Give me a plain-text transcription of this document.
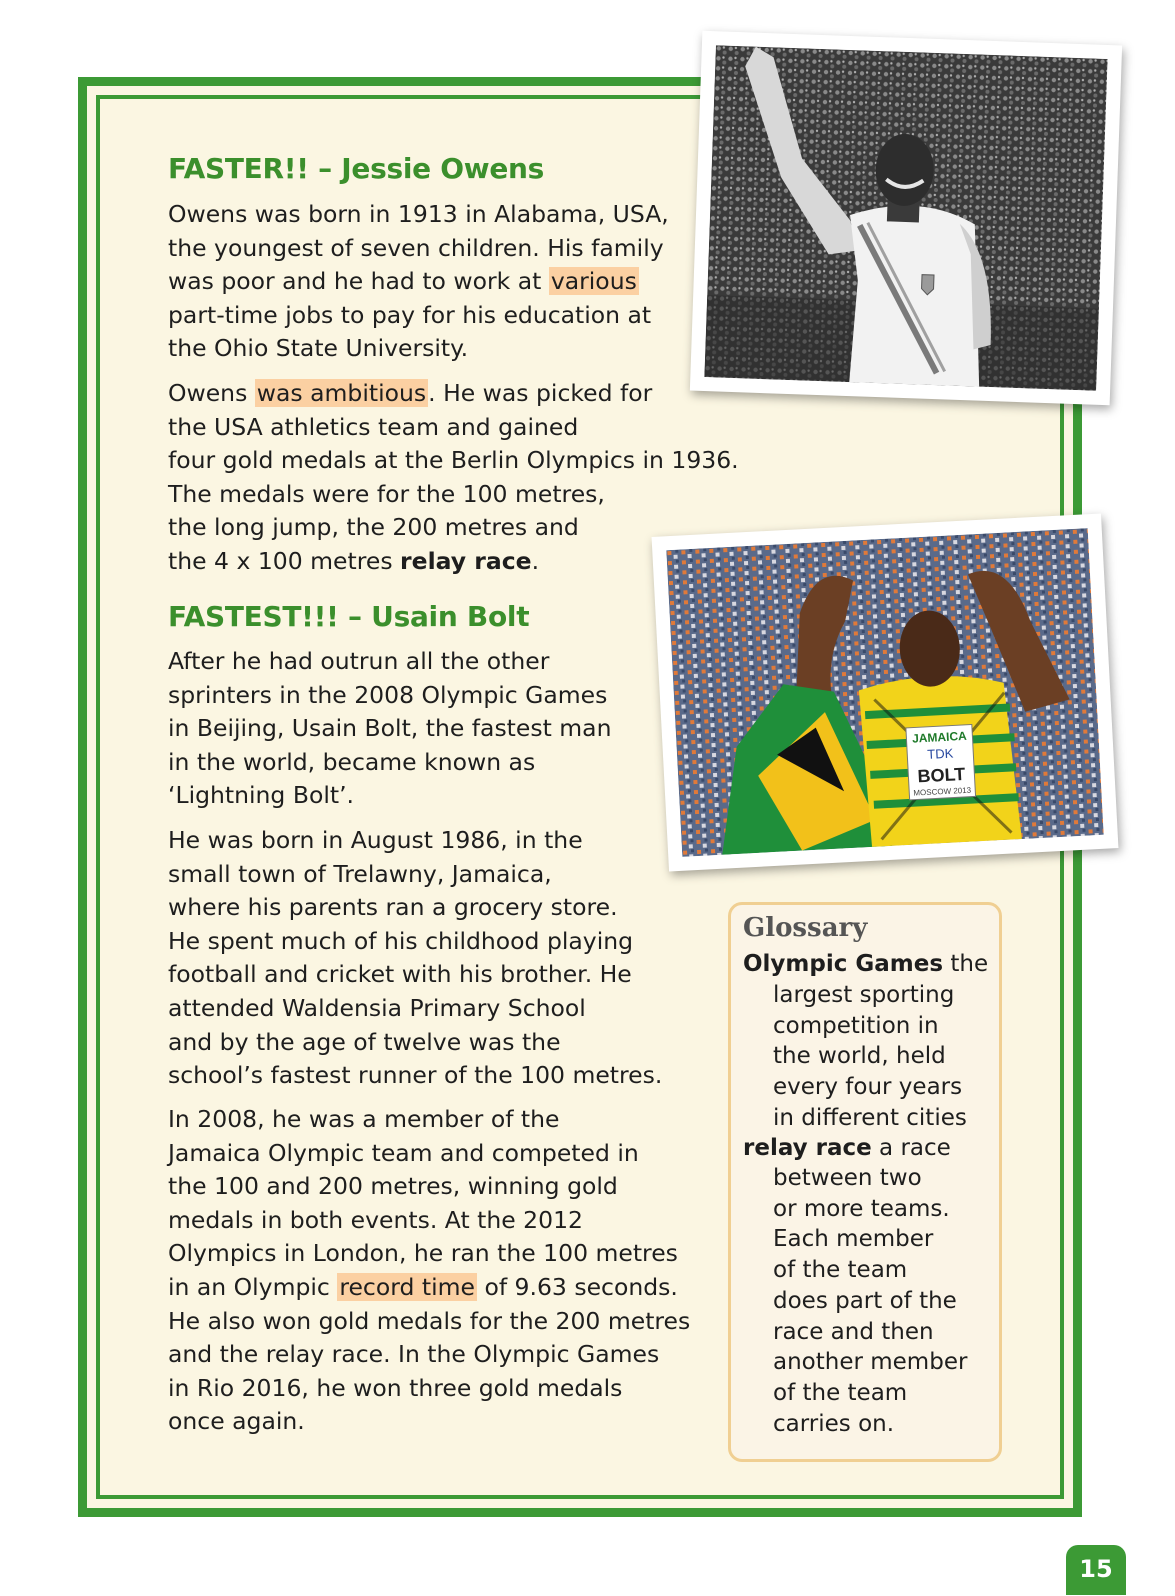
FASTER!! – Jessie Owens
Owens was born in 1913 in Alabama, USA,
the youngest of seven children. His family
was poor and he had to work at various
part-time jobs to pay for his education at
the Ohio State University.
Owens was ambitious. He was picked for
the USA athletics team and gained
four gold medals at the Berlin Olympics in 1936.
The medals were for the 100 metres,
the long jump, the 200 metres and
the 4 x 100 metres relay race.
FASTEST!!! – Usain Bolt
After he had outrun all the other
sprinters in the 2008 Olympic Games
in Beijing, Usain Bolt, the fastest man
in the world, became known as
‘Lightning Bolt’.
He was born in August 1986, in the
small town of Trelawny, Jamaica,
where his parents ran a grocery store.
He spent much of his childhood playing
football and cricket with his brother. He
attended Waldensia Primary School
and by the age of twelve was the
school’s fastest runner of the 100 metres.
In 2008, he was a member of the
Jamaica Olympic team and competed in
the 100 and 200 metres, winning gold
medals in both events. At the 2012
Olympics in London, he ran the 100 metres
in an Olympic record time of 9.63 seconds.
He also won gold medals for the 200 metres
and the relay race. In the Olympic Games
in Rio 2016, he won three gold medals
once again.
JAMAICA
TDK
BOLT
MOSCOW 2013
Glossary
Olympic Games the
largest sporting
competition in
the world, held
every four years
in different cities
relay race a race
between two
or more teams.
Each member
of the team
does part of the
race and then
another member
of the team
carries on.
15
